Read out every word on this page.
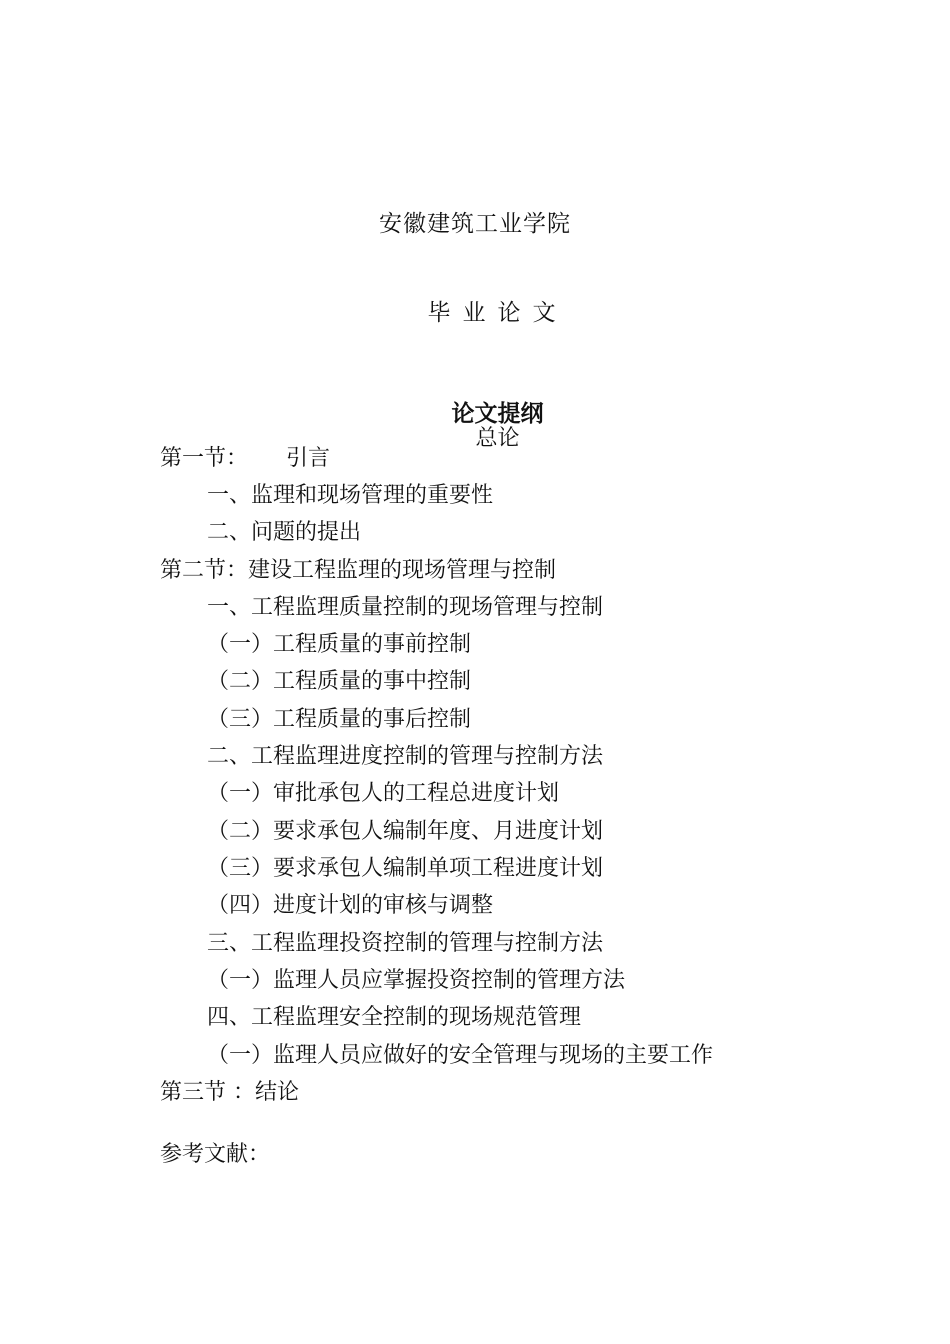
安徽建筑工业学院
毕业论文
论文提纲
总论
第一节： 引言
一、监理和现场管理的重要性
二、问题的提出
第二节：建设工程监理的现场管理与控制
一、工程监理质量控制的现场管理与控制
（一）工程质量的事前控制
（二）工程质量的事中控制
（三）工程质量的事后控制
二、工程监理进度控制的管理与控制方法
（一）审批承包人的工程总进度计划
（二）要求承包人编制年度、月进度计划
（三）要求承包人编制单项工程进度计划
（四）进度计划的审核与调整
三、工程监理投资控制的管理与控制方法
（一）监理人员应掌握投资控制的管理方法
四、工程监理安全控制的现场规范管理
（一）监理人员应做好的安全管理与现场的主要工作
第三节 ：结论
参考文献：
